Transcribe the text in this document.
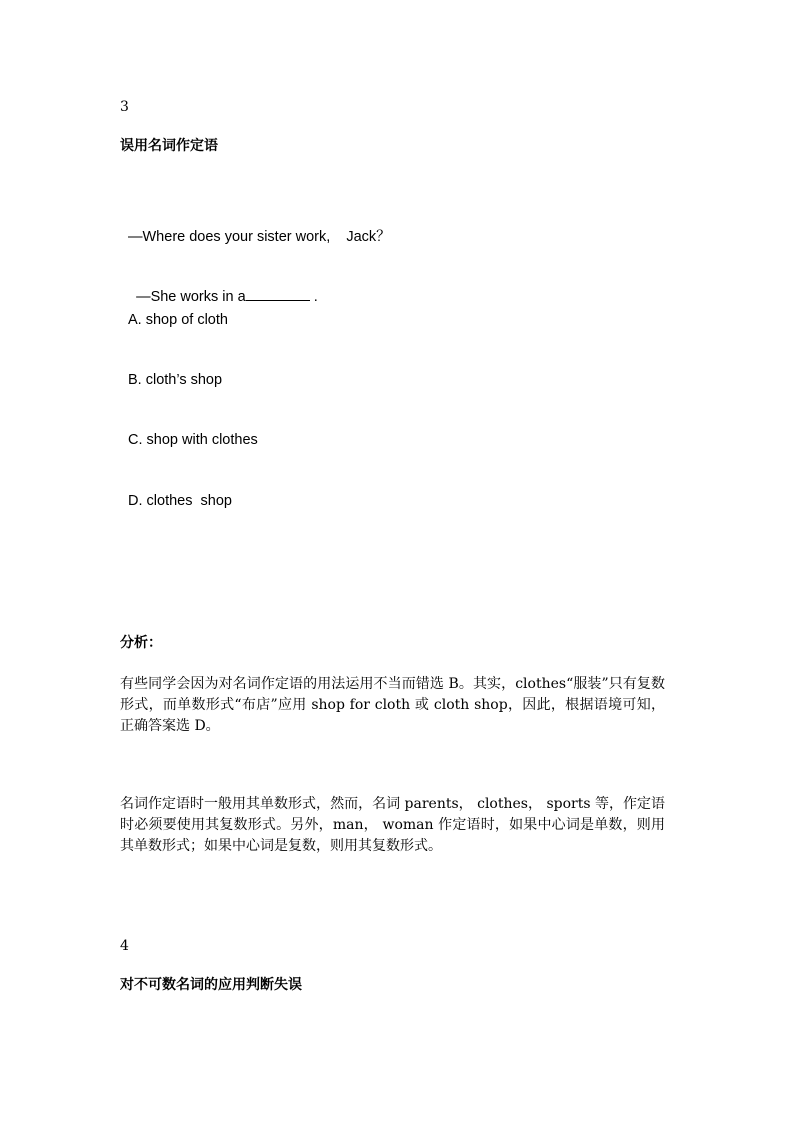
3
误用名词作定语
—Where does your sister work,    Jack？

—She works in a	.

A. shop of cloth
B. cloth’s shop
C. shop with clothes
D. clothes  shop
分析：

有些同学会因为对名词作定语的用法运用不当而错选 B。其实，clothes“服装”只有复数形式，而单数形式“布店”应用 shop for cloth 或 cloth shop，因此，根据语境可知，正确答案选 D。

名词作定语时一般用其单数形式，然而，名词 parents， clothes， sports 等，作定语时必须要使用其复数形式。另外，man， woman 作定语时，如果中心词是单数，则用其单数形式；如果中心词是复数，则用其复数形式。

4
对不可数名词的应用判断失误
